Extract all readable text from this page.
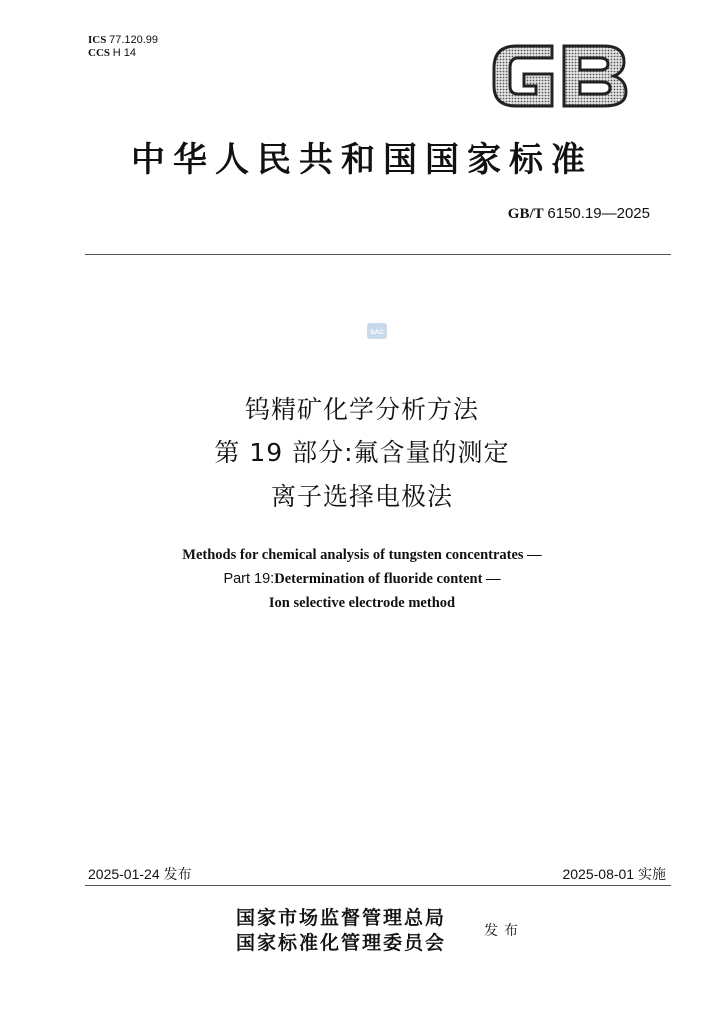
ICS 77.120.99
CCS H 14
中华人民共和国国家标准
GB/T 6150.19—2025
SAC
钨精矿化学分析方法
第 19 部分:氟含量的测定
离子选择电极法
Methods for chemical analysis of tungsten concentrates —
Part 19:Determination of fluoride content —
Ion selective electrode method
2025-01-24 发布	2025-08-01 实施
国家市场监督管理总局
国家标准化管理委员会
发布
